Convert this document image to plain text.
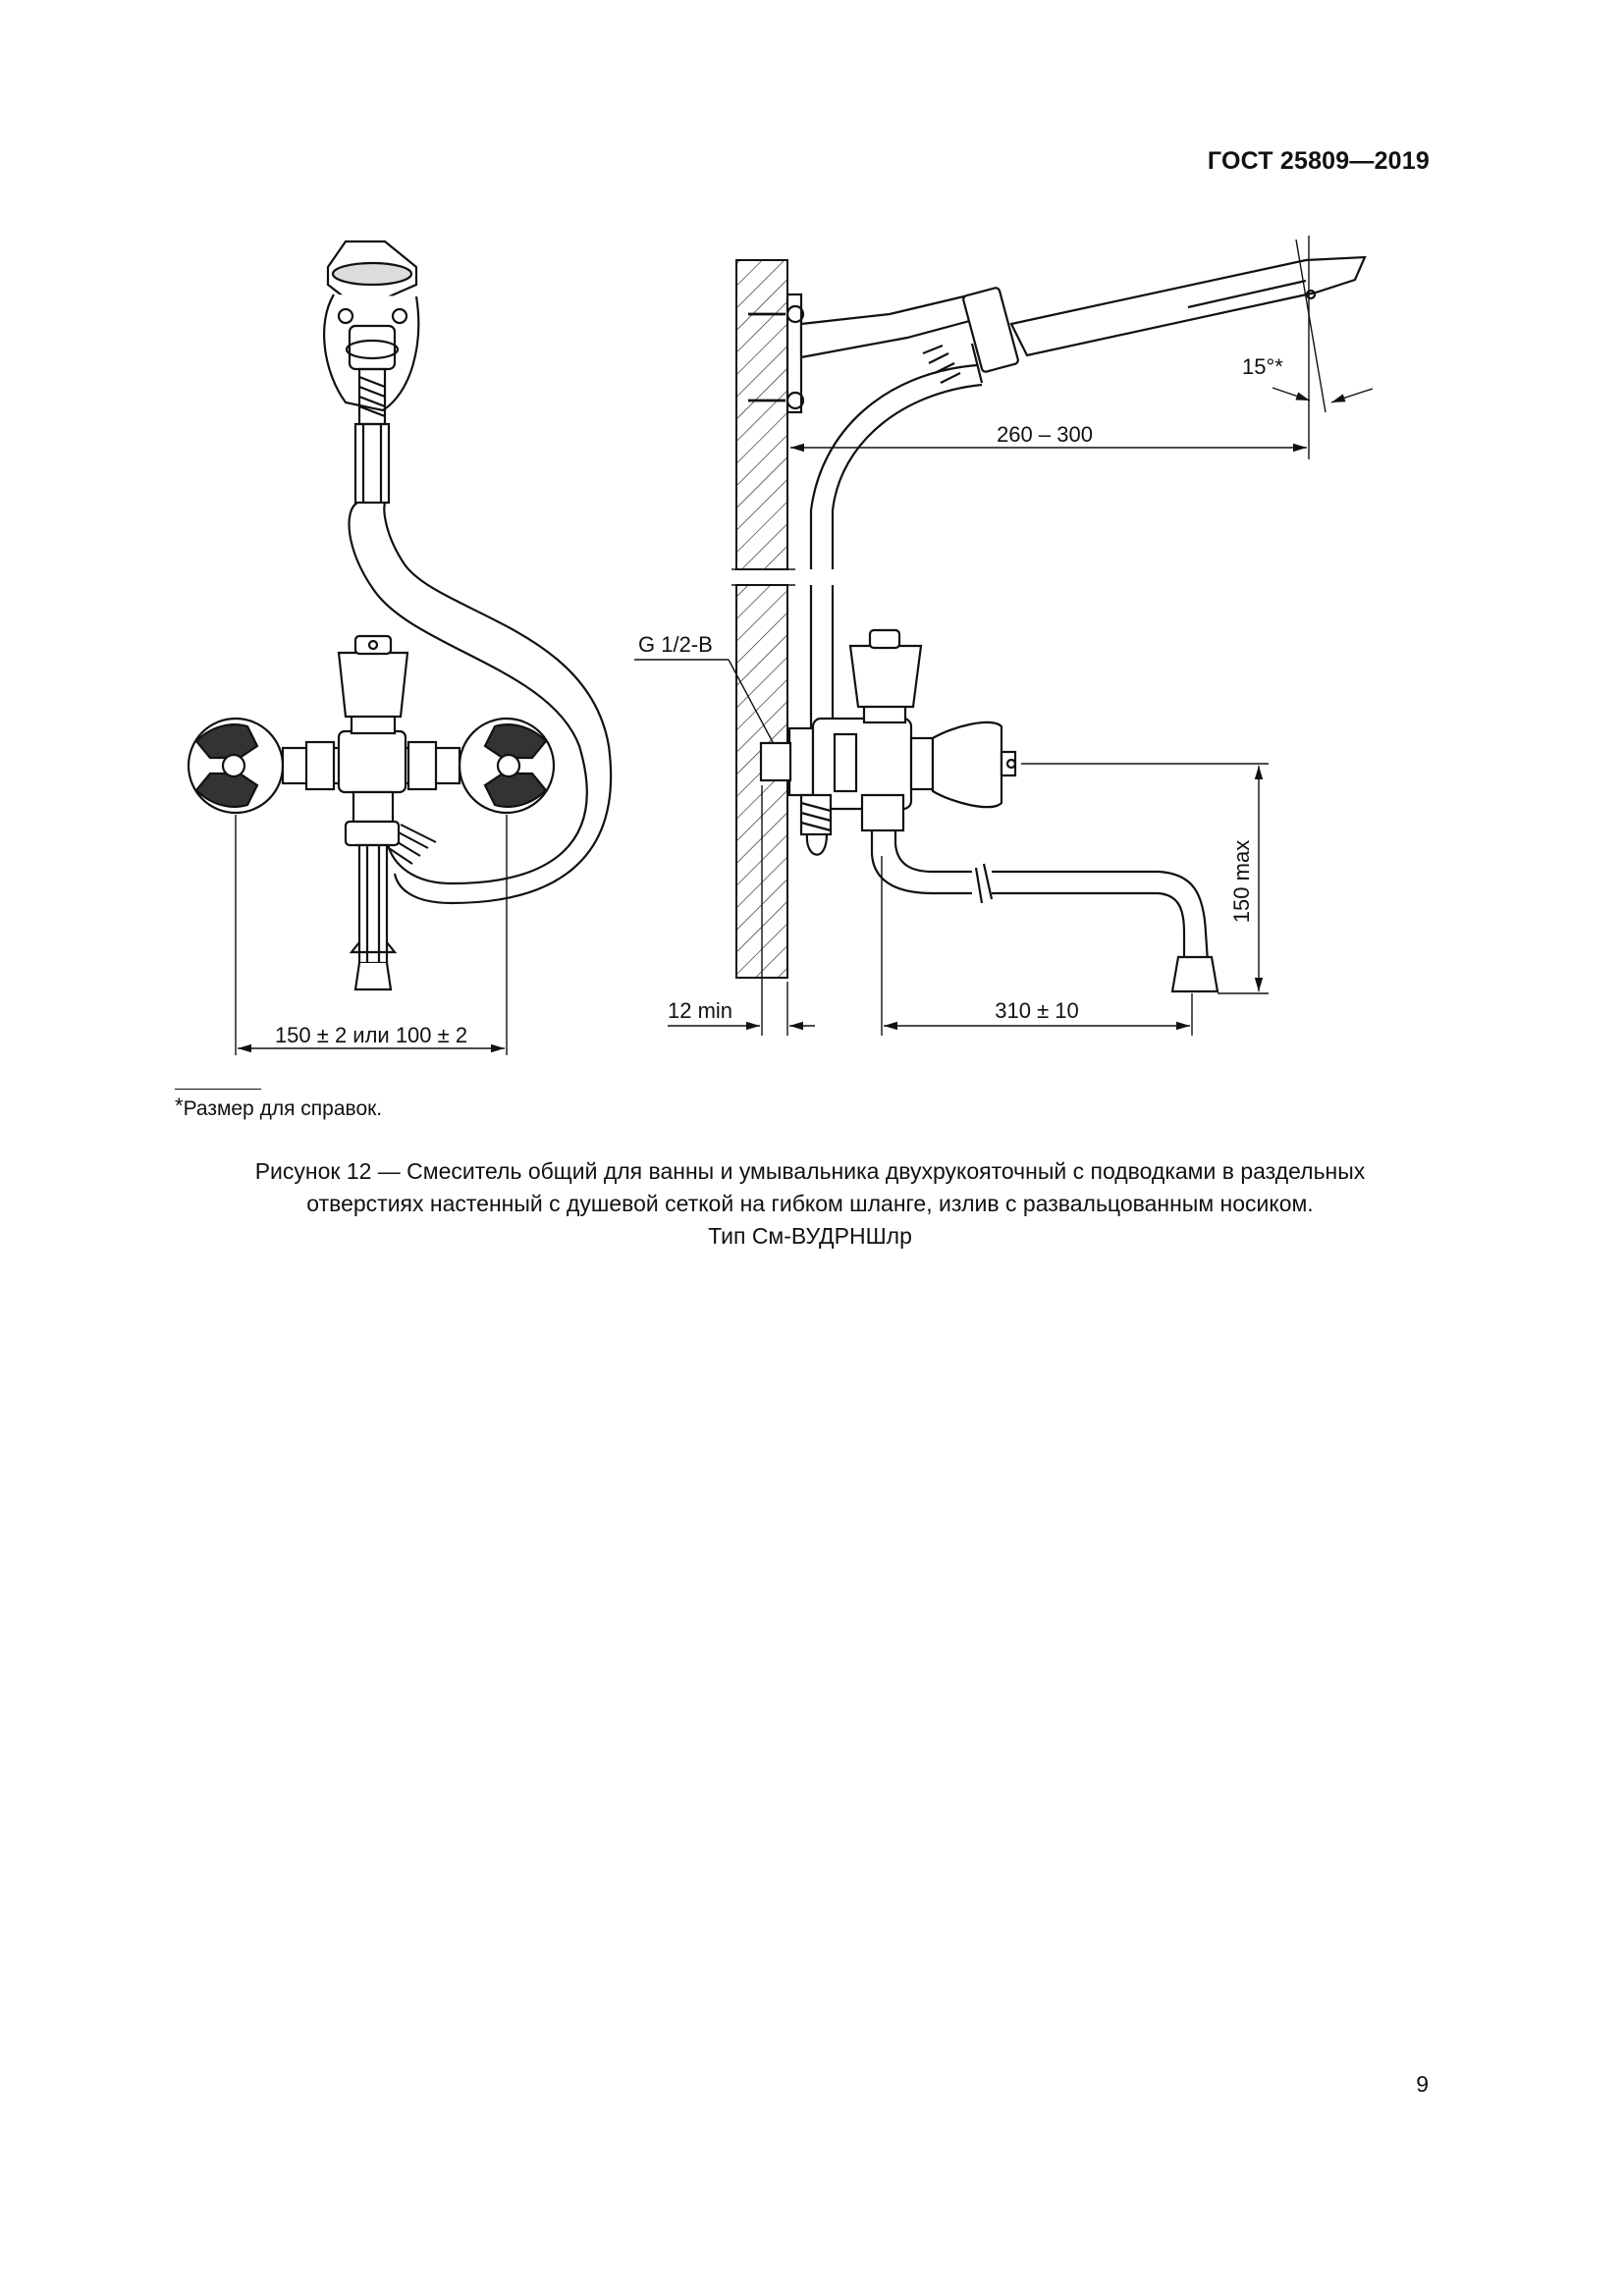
ГОСТ 25809—2019
150 ± 2 или 100 ± 2
260 – 300
15°*
G 1/2-B
12 min	310 ± 10
150 max
*Размер для справок.
Рисунок 12 — Смеситель общий для ванны и умывальника двухрукояточный с подводками в раздельных
отверстиях настенный с душевой сеткой на гибком шланге, излив с развальцованным носиком.
Тип См-ВУДРНШлр
9
